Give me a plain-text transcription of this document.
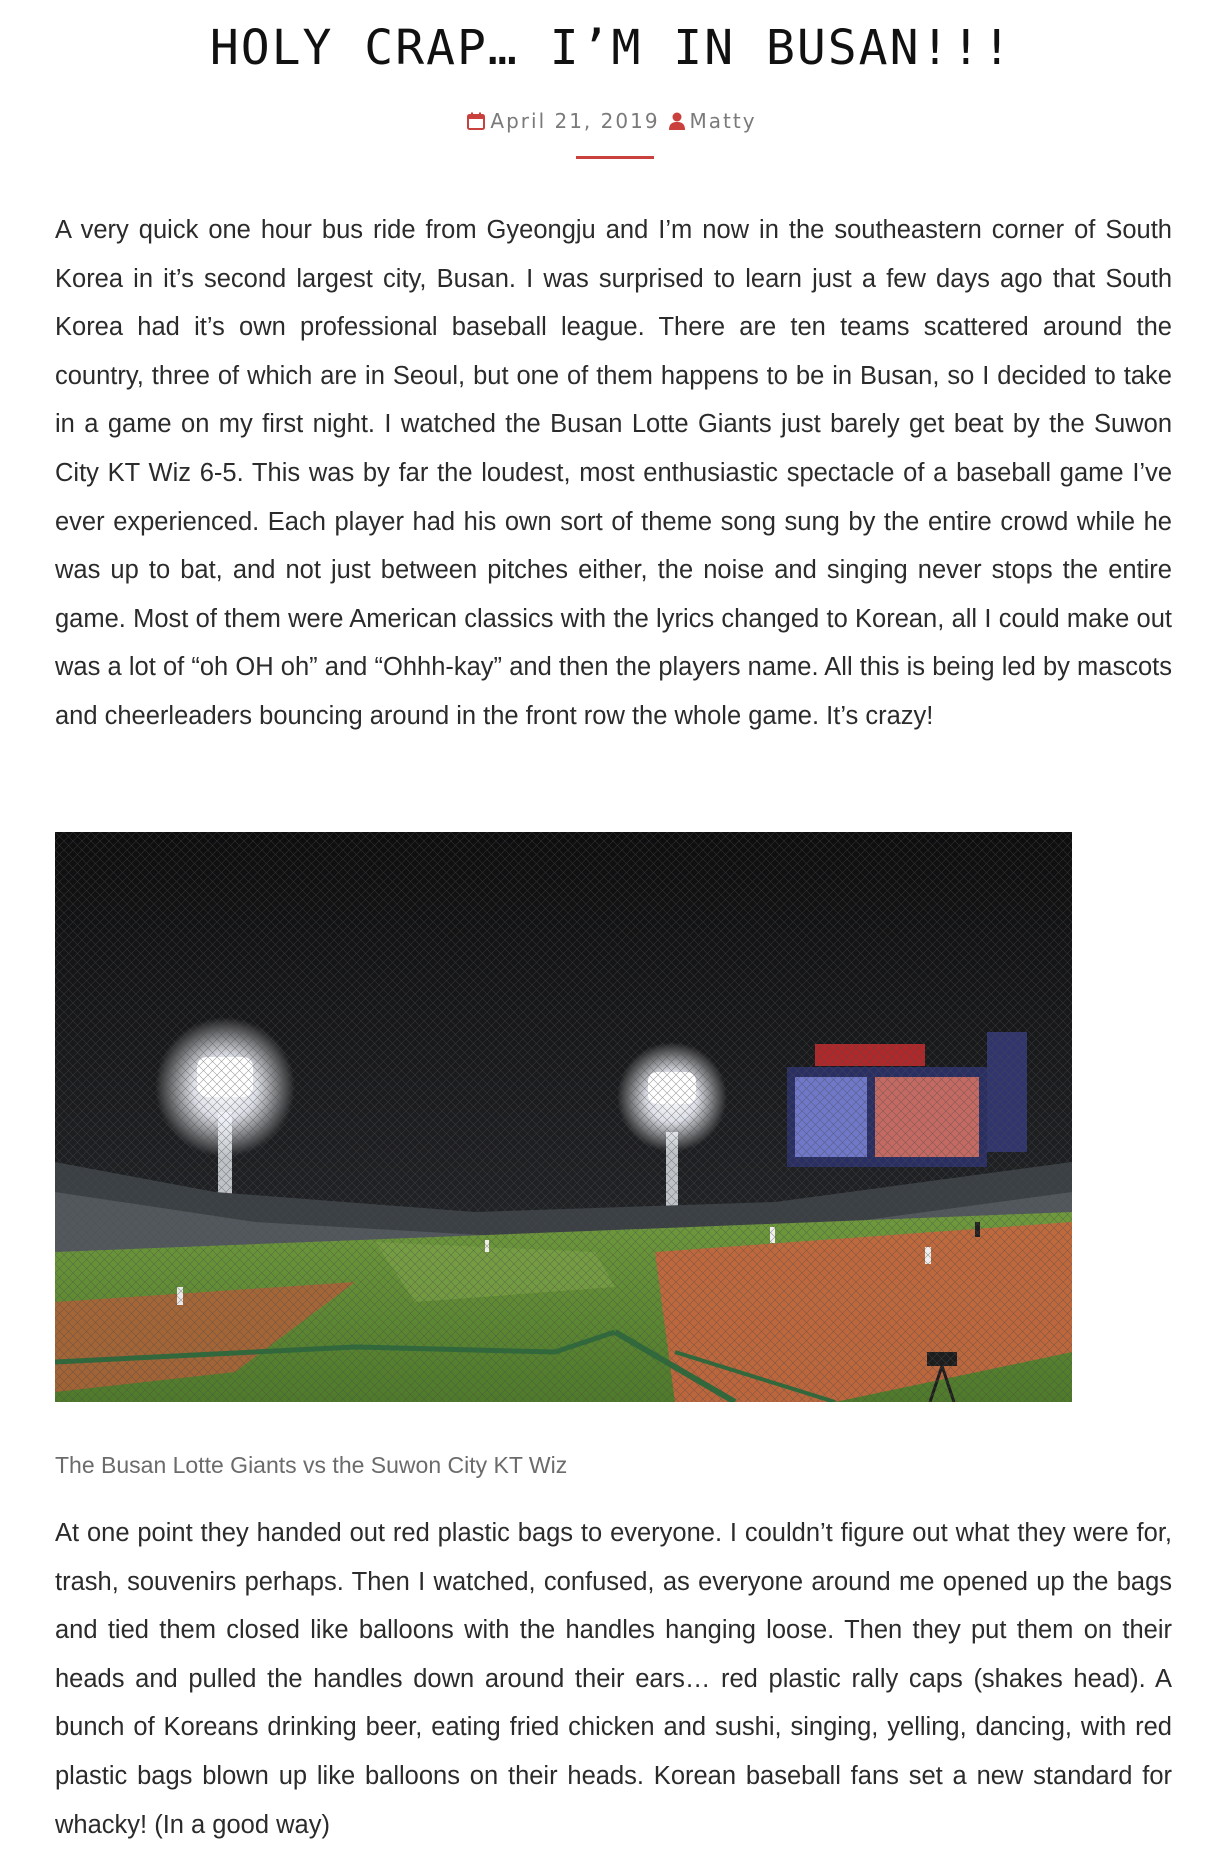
HOLY CRAP… I’M IN BUSAN!!!
April 21, 2019 Matty

A very quick one hour bus ride from Gyeongju and I’m now in the southeastern corner of South Korea in it’s second largest city, Busan. I was surprised to learn just a few days ago that South Korea had it’s own professional baseball league. There are ten teams scattered around the country, three of which are in Seoul, but one of them happens to be in Busan, so I decided to take in a game on my first night. I watched the Busan Lotte Giants just barely get beat by the Suwon City KT Wiz 6-5. This was by far the loudest, most enthusiastic spectacle of a baseball game I’ve ever experienced. Each player had his own sort of theme song sung by the entire crowd while he was up to bat, and not just between pitches either, the noise and singing never stops the entire game. Most of them were American classics with the lyrics changed to Korean, all I could make out was a lot of “oh OH oh” and “Ohhh-kay” and then the players name. All this is being led by mascots and cheerleaders bouncing around in the front row the whole game. It’s crazy!

The Busan Lotte Giants vs the Suwon City KT Wiz

At one point they handed out red plastic bags to everyone. I couldn’t figure out what they were for, trash, souvenirs perhaps. Then I watched, confused, as everyone around me opened up the bags and tied them closed like balloons with the handles hanging loose. Then they put them on their heads and pulled the handles down around their ears… red plastic rally caps (shakes head). A bunch of Koreans drinking beer, eating fried chicken and sushi, singing, yelling, dancing, with red plastic bags blown up like balloons on their heads. Korean baseball fans set a new standard for whacky! (In a good way)
